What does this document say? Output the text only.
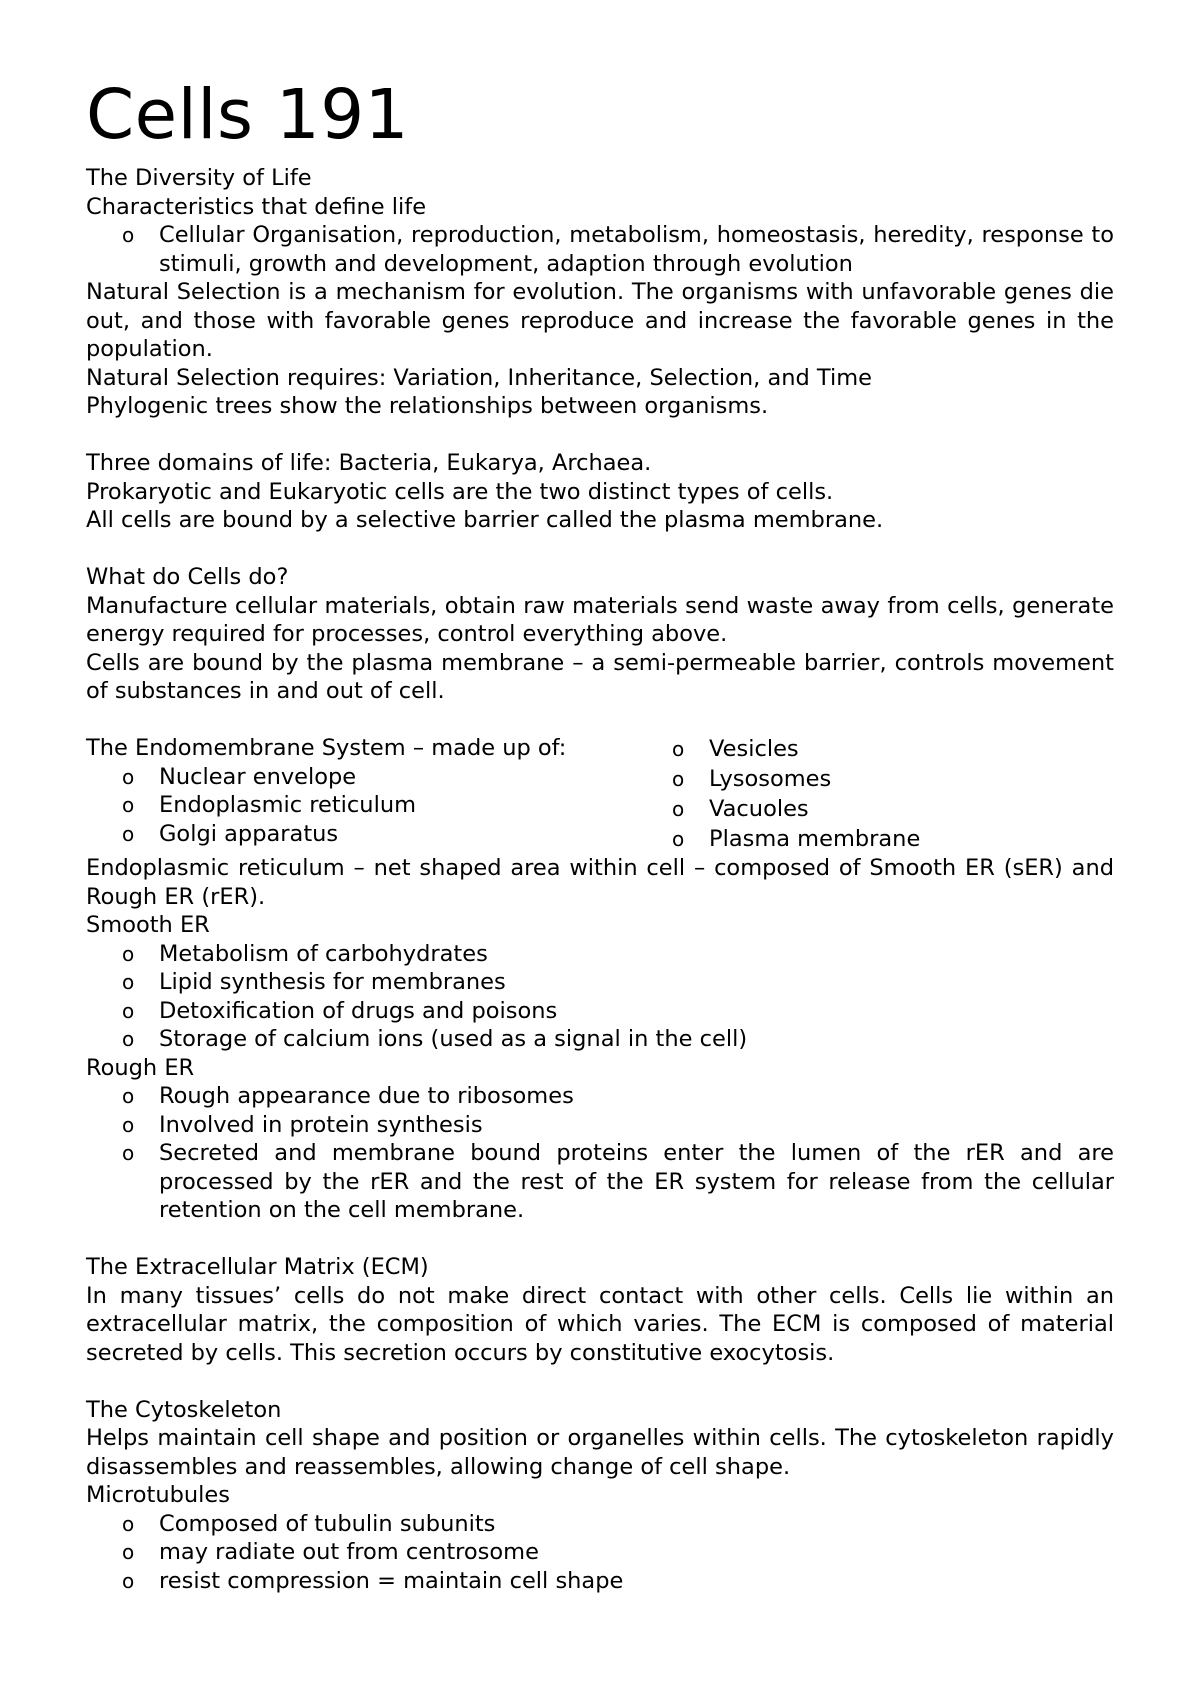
Cells 191

The Diversity of Life

Characteristics that define life

o Cellular Organisation, reproduction, metabolism, homeostasis, heredity, response to stimuli, growth and development, adaption through evolution

Natural Selection is a mechanism for evolution. The organisms with unfavorable genes die out, and those with favorable genes reproduce and increase the favorable genes in the population.

Natural Selection requires: Variation, Inheritance, Selection, and Time

Phylogenic trees show the relationships between organisms.

Three domains of life: Bacteria, Eukarya, Archaea.

Prokaryotic and Eukaryotic cells are the two distinct types of cells.

All cells are bound by a selective barrier called the plasma membrane.

What do Cells do?

Manufacture cellular materials, obtain raw materials send waste away from cells, generate energy required for processes, control everything above.

Cells are bound by the plasma membrane – a semi-permeable barrier, controls movement of substances in and out of cell.

The Endomembrane System – made up of:

o Nuclear envelope
o Endoplasmic reticulum
o Golgi apparatus
o Vesicles
o Lysosomes
o Vacuoles
o Plasma membrane

Endoplasmic reticulum – net shaped area within cell – composed of Smooth ER (sER) and Rough ER (rER).

Smooth ER

o Metabolism of carbohydrates
o Lipid synthesis for membranes
o Detoxification of drugs and poisons
o Storage of calcium ions (used as a signal in the cell)

Rough ER

o Rough appearance due to ribosomes
o Involved in protein synthesis
o Secreted and membrane bound proteins enter the lumen of the rER and are processed by the rER and the rest of the ER system for release from the cellular retention on the cell membrane.

The Extracellular Matrix (ECM)

In many tissues’ cells do not make direct contact with other cells. Cells lie within an extracellular matrix, the composition of which varies. The ECM is composed of material secreted by cells. This secretion occurs by constitutive exocytosis.

The Cytoskeleton

Helps maintain cell shape and position or organelles within cells. The cytoskeleton rapidly disassembles and reassembles, allowing change of cell shape.

Microtubules

o Composed of tubulin subunits
o may radiate out from centrosome
o resist compression = maintain cell shape
